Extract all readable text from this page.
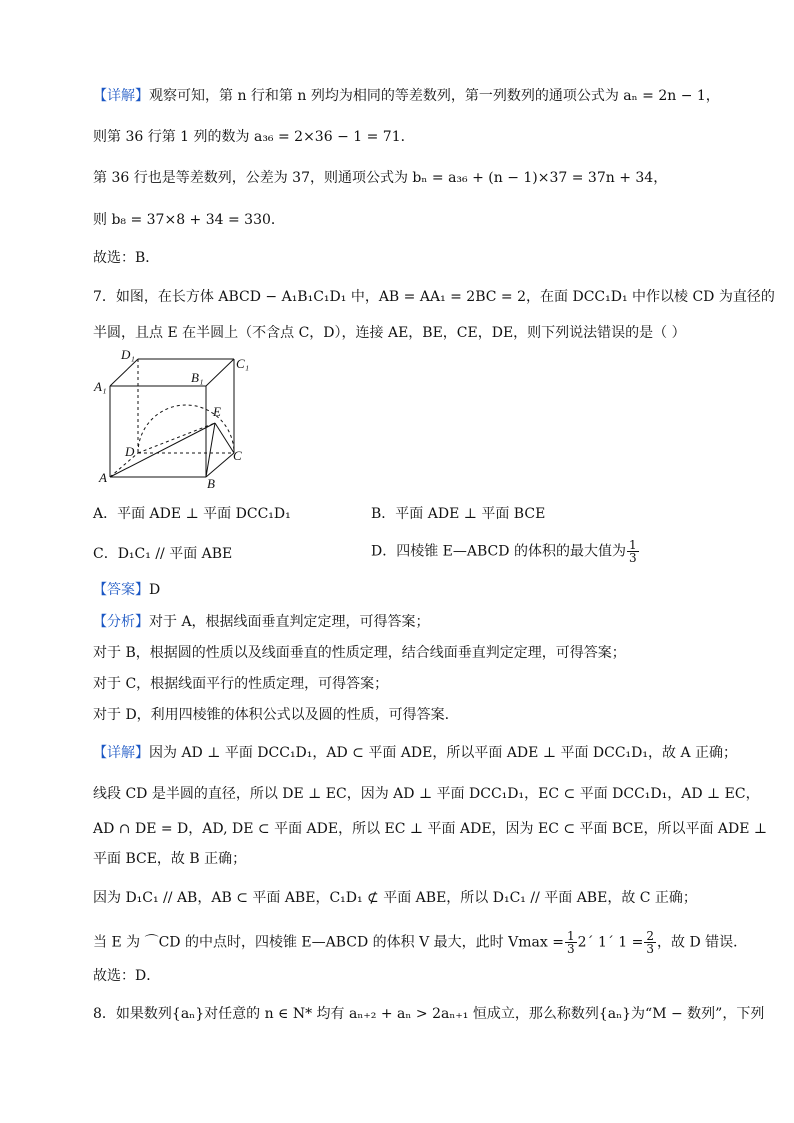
【详解】观察可知，第 n 行和第 n 列均为相同的等差数列，第一列数列的通项公式为 aₙ = 2n − 1，
则第 36 行第 1 列的数为 a₃₆ = 2×36 − 1 = 71．
第 36 行也是等差数列，公差为 37，则通项公式为 bₙ = a₃₆ + (n − 1)×37 = 37n + 34，
则 b₈ = 37×8 + 34 = 330．
故选：B．
7．如图，在长方体 ABCD − A₁B₁C₁D₁ 中，AB = AA₁ = 2BC = 2，在面 DCC₁D₁ 中作以棱 CD 为直径的
半圆，且点 E 在半圆上（不含点 C，D），连接 AE，BE，CE，DE，则下列说法错误的是（ ）
D₁
C₁
A₁
B₁
E
D	C
A	B
A．平面 ADE ⊥ 平面 DCC₁D₁	B．平面 ADE ⊥ 平面 BCE
C．D₁C₁ // 平面 ABE	D．四棱锥 E—ABCD 的体积的最大值为 $\frac{1}{3}$
【答案】D
【分析】对于 A，根据线面垂直判定定理，可得答案；
对于 B，根据圆的性质以及线面垂直的性质定理，结合线面垂直判定定理，可得答案；
对于 C，根据线面平行的性质定理，可得答案；
对于 D，利用四棱锥的体积公式以及圆的性质，可得答案.
【详解】因为 AD ⊥ 平面 DCC₁D₁，AD ⊂ 平面 ADE，所以平面 ADE ⊥ 平面 DCC₁D₁，故 A 正确；
线段 CD 是半圆的直径，所以 DE ⊥ EC，因为 AD ⊥ 平面 DCC₁D₁，EC ⊂ 平面 DCC₁D₁，AD ⊥ EC，
AD ∩ DE = D，AD, DE ⊂ 平面 ADE，所以 EC ⊥ 平面 ADE，因为 EC ⊂ 平面 BCE，所以平面 ADE ⊥
平面 BCE，故 B 正确；
因为 D₁C₁ // AB，AB ⊂ 平面 ABE，C₁D₁ ⊄ 平面 ABE，所以 D₁C₁ // 平面 ABE，故 C 正确；
当 E 为 ⌒CD 的中点时，四棱锥 E—ABCD 的体积 V 最大，此时 $Vmax = \frac{1}{3}$ 2´ 1´ $1 = \frac{2}{3}$ ，故 D 错误．
故选：D．
8．如果数列{aₙ}对任意的 n ∈ N* 均有 aₙ₊₂ + aₙ > 2aₙ₊₁ 恒成立，那么称数列{aₙ}为“M − 数列”，下列
